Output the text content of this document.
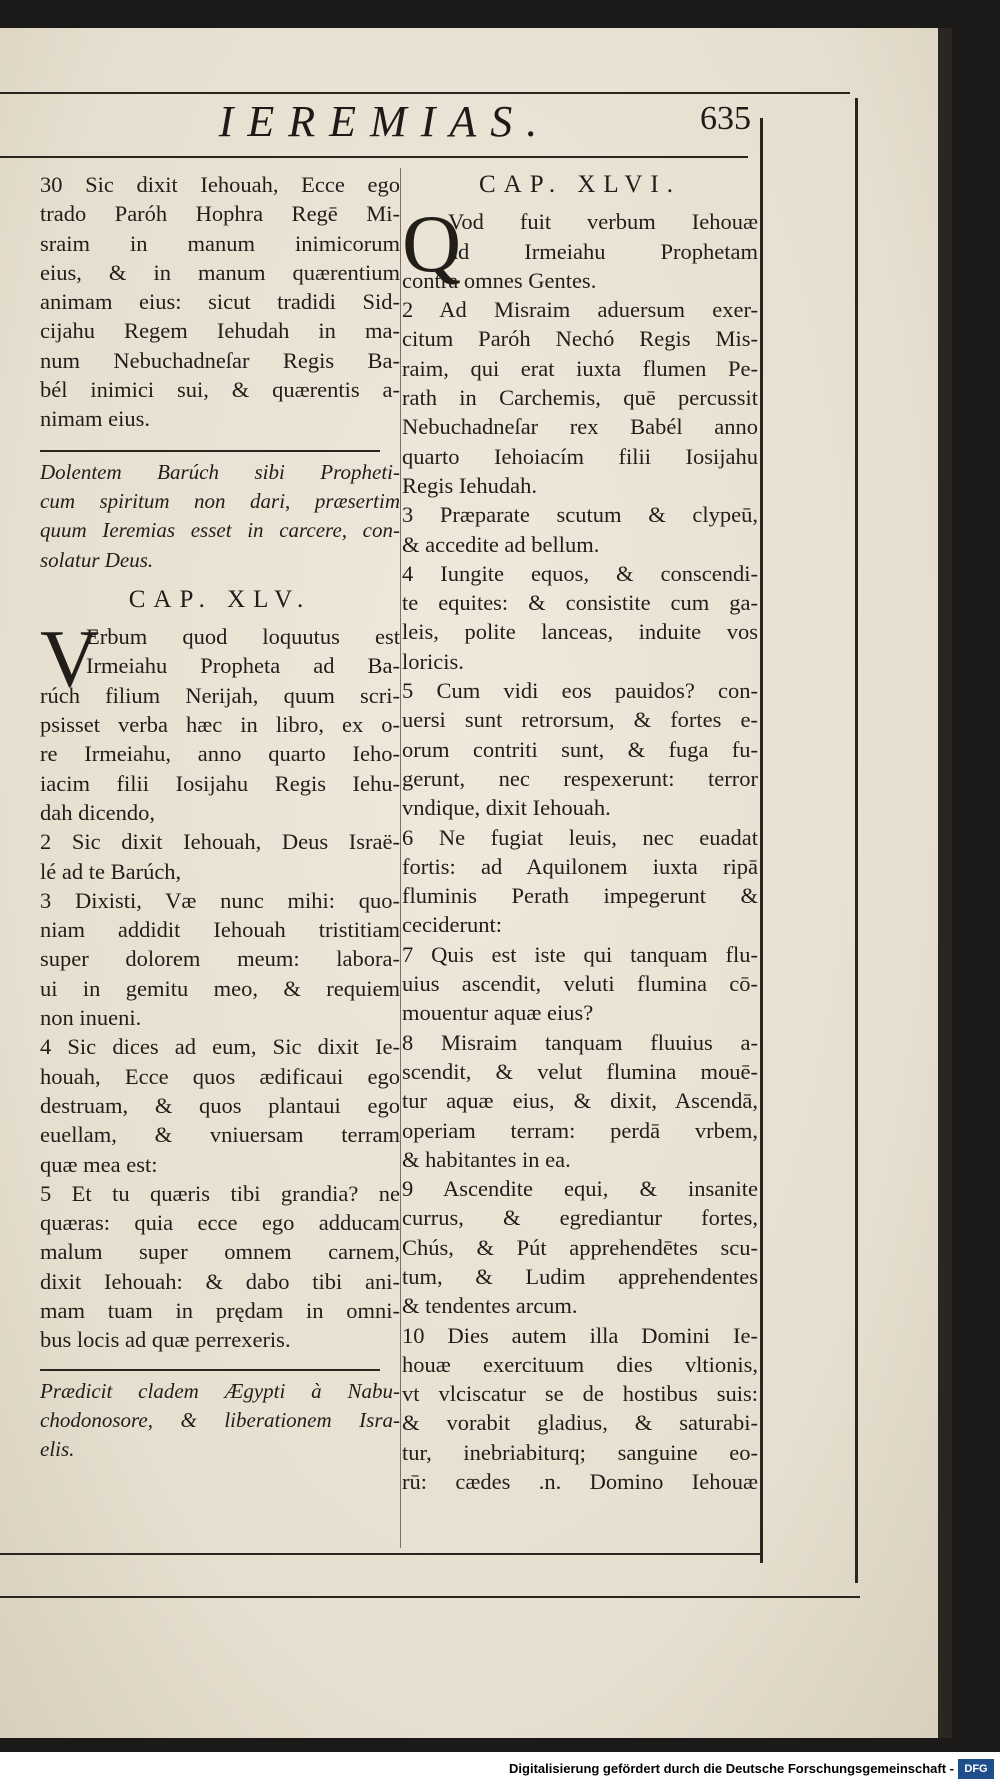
IEREMIAS.	635
30 Sic dixit Iehouah, Ecce ego
trado Paróh Hophra Regē Mi-
sraim in manum inimicorum
eius, & in manum quærentium
animam eius: sicut tradidi Sid-
cijahu Regem Iehudah in ma-
num Nebuchadneſar Regis Ba-
bél inimici sui, & quærentis a-
nimam eius.
Dolentem Barúch sibi Propheti-
cum spiritum non dari, præsertim
quum Ieremias esset in carcere, con-
solatur Deus.
CAP. XLV.
V
Erbum quod loquutus est
Irmeiahu Propheta ad Ba-
rúch filium Nerijah, quum scri-
psisset verba hæc in libro, ex o-
re Irmeiahu, anno quarto Ieho-
iacim filii Iosijahu Regis Iehu-
dah dicendo,
2 Sic dixit Iehouah, Deus Israë-
lé ad te Barúch,
3 Dixisti, Væ nunc mihi: quo-
niam addidit Iehouah tristitiam
super dolorem meum: labora-
ui in gemitu meo, & requiem
non inueni.
4 Sic dices ad eum, Sic dixit Ie-
houah, Ecce quos ædificaui ego
destruam, & quos plantaui ego
euellam, & vniuersam terram
quæ mea est:
5 Et tu quæris tibi grandia? ne
quæras: quia ecce ego adducam
malum super omnem carnem,
dixit Iehouah: & dabo tibi ani-
mam tuam in prędam in omni-
bus locis ad quæ perrexeris.
Prædicit cladem Ægypti à Nabu-
chodonosore, & liberationem Isra-
elis.
CAP. XLVI.
Q
Vod fuit verbum Iehouæ
ad Irmeiahu Prophetam
contra omnes Gentes.
2 Ad Misraim aduersum exer-
citum Paróh Nechó Regis Mis-
raim, qui erat iuxta flumen Pe-
rath in Carchemis, quē percussit
Nebuchadneſar rex Babél anno
quarto Iehoiacím filii Iosijahu
Regis Iehudah.
3 Præparate scutum & clypeū,
& accedite ad bellum.
4 Iungite equos, & conscendi-
te equites: & consistite cum ga-
leis, polite lanceas, induite vos
loricis.
5 Cum vidi eos pauidos? con-
uersi sunt retrorsum, & fortes e-
orum contriti sunt, & fuga fu-
gerunt, nec respexerunt: terror
vndique, dixit Iehouah.
6 Ne fugiat leuis, nec euadat
fortis: ad Aquilonem iuxta ripā
fluminis Perath impegerunt &
ceciderunt:
7 Quis est iste qui tanquam flu-
uius ascendit, veluti flumina cō-
mouentur aquæ eius?
8 Misraim tanquam fluuius a-
scendit, & velut flumina mouē-
tur aquæ eius, & dixit, Ascendā,
operiam terram: perdā vrbem,
& habitantes in ea.
9 Ascendite equi, & insanite
currus, & egrediantur fortes,
Chús, & Pút apprehendētes scu-
tum, & Ludim apprehendentes
& tendentes arcum.
10 Dies autem illa Domini Ie-
houæ exercituum dies vltionis,
vt vlciscatur se de hostibus suis:
& vorabit gladius, & saturabi-
tur, inebriabiturq; sanguine eo-
rū: cædes .n. Domino Iehouæ
Digitalisierung gefördert durch die Deutsche Forschungsgemeinschaft - DFG
